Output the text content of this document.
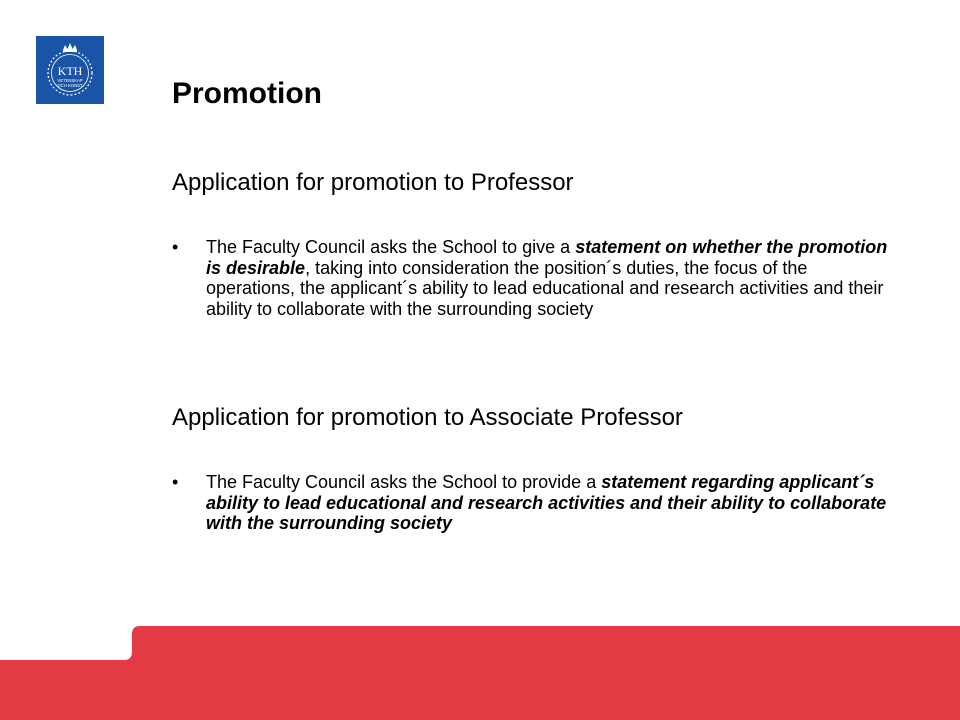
KTH
VETENSKAP
OCH KONST	Promotion
Application for promotion to Professor
•	The Faculty Council asks the School to give a statement on whether the promotion is desirable, taking into consideration the position´s duties, the focus of the operations, the applicant´s ability to lead educational and research activities and their ability to collaborate with the surrounding society
Application for promotion to Associate Professor
•	The Faculty Council asks the School to provide a statement regarding applicant´s ability to lead educational and research activities and their ability to collaborate with the surrounding society
